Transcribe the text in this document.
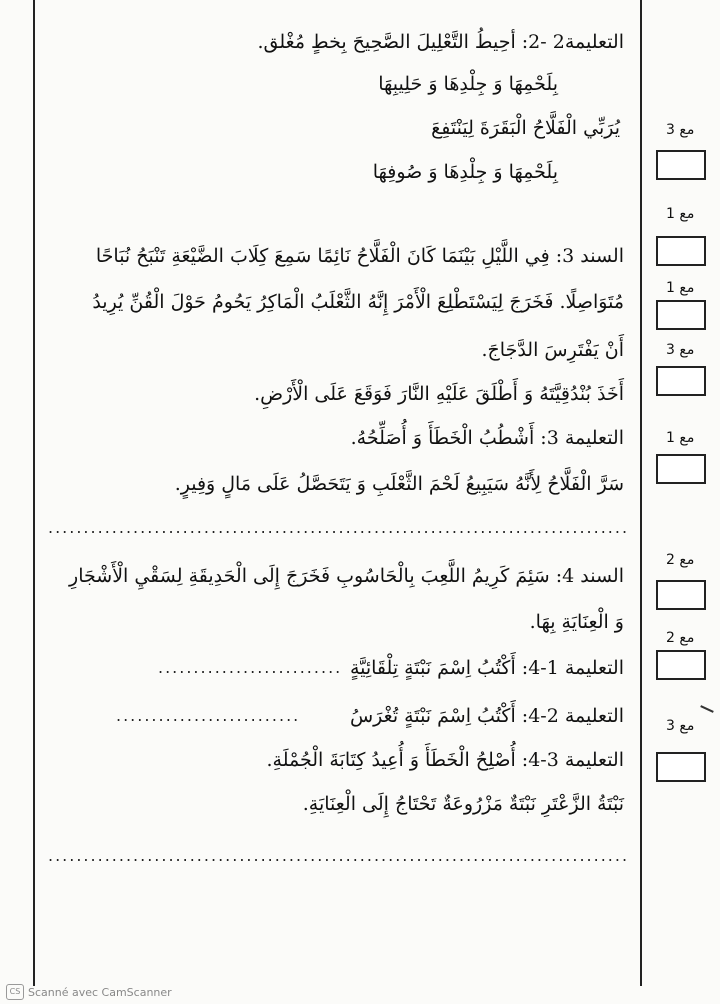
التعليمة2 -2: أحِيطُ التَّعْلِيلَ الصَّحِيحَ بِخطٍ مُغْلق.
بِلَحْمِهَا وَ جِلْدِهَا وَ حَلِيبِهَا
يُرَبِّي الْفَلَّاحُ الْبَقَرَةَ لِيَنْتَفِعَ
بِلَحْمِهَا وَ جِلْدِهَا وَ صُوفِهَا
السند 3: فِي اللَّيْلِ بَيْنَمَا كَانَ الْفَلَّاحُ نَائِمًا سَمِعَ كِلَابَ الضَّيْعَةِ تَنْبَحُ نُبَاحًا
مُتَوَاصِلًا. فَخَرَجَ لِيَسْتَطْلِعَ الْأَمْرَ إِنَّهُ الثَّعْلَبُ الْمَاكِرُ يَحُومُ حَوْلَ الْقُنِّ يُرِيدُ
أَنْ يَفْتَرِسَ الدَّجَاجَ.
أَخَذَ بُنْدُقِيَّتَهُ وَ أَطْلَقَ عَلَيْهِ النَّارَ فَوَقَعَ عَلَى الْأَرْضِ.
التعليمة 3: أَشْطُبُ الْخَطَأَ وَ أُصَلِّحُهُ.
سَرَّ الْفَلَّاحُ لِأَنَّهُ سَيَبِيعُ لَحْمَ الثَّعْلَبِ وَ يَتَحَصَّلُ عَلَى مَالٍ وَفِيرٍ.
..................................................................................
السند 4: سَئِمَ كَرِيمُ اللَّعِبَ بِالْحَاسُوبِ فَخَرَجَ إِلَى الْحَدِيقَةِ لِسَقْيِ الْأَشْجَارِ
وَ الْعِنَايَةِ بِهَا.
التعليمة 1-4: أَكْتُبُ اِسْمَ نَبْتَةٍ تِلْقَائِيَّةٍ
..........................
التعليمة 2-4: أَكْتُبُ اِسْمَ نَبْتَةٍ تُغْرَسُ
..........................
التعليمة 3-4: أُصْلِحُ الْخَطَأَ وَ أُعِيدُ كِتَابَةَ الْجُمْلَةِ.
نَبْتَةُ الزَّعْتَرِ نَبْتَةٌ مَزْرُوعَةٌ تَحْتَاجُ إِلَى الْعِنَايَةِ.
..................................................................................
مع 3
مع 1
مع 1
مع 3
مع 1
مع 2
مع 2
مع 3
CS Scanné avec CamScanner
